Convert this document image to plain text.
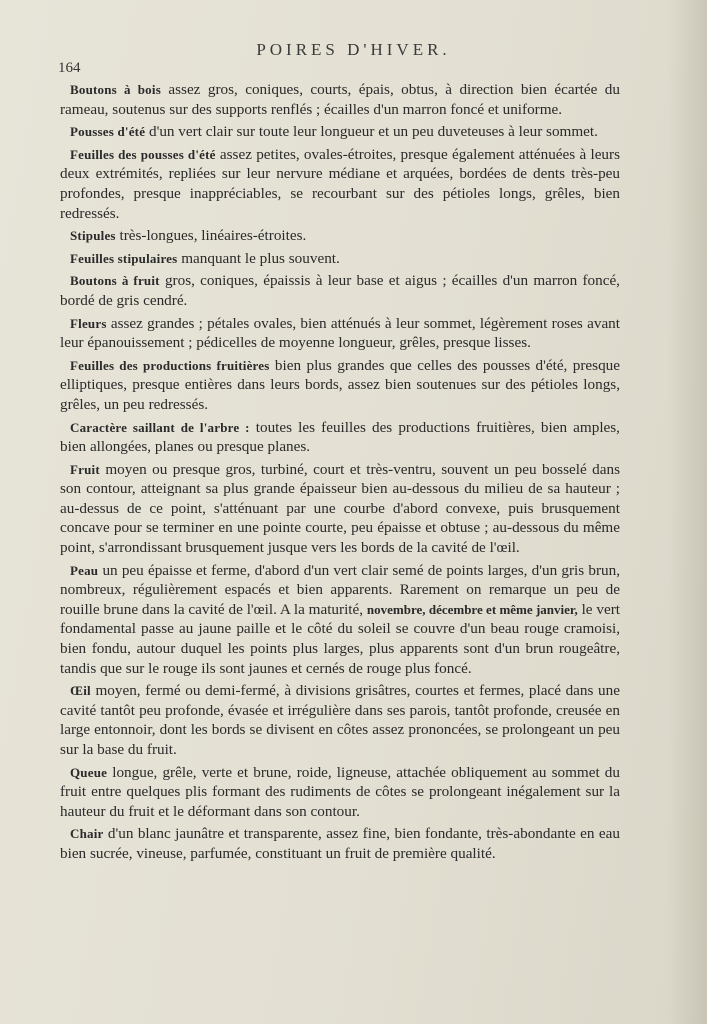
POIRES D'HIVER.
164

Boutons à bois assez gros, coniques, courts, épais, obtus, à direction bien écartée du rameau, soutenus sur des supports renflés ; écailles d'un marron foncé et uniforme.

Pousses d'été d'un vert clair sur toute leur longueur et un peu duveteuses à leur sommet.

Feuilles des pousses d'été assez petites, ovales-étroites, presque également atténuées à leurs deux extrémités, repliées sur leur nervure médiane et arquées, bordées de dents très-peu profondes, presque inappréciables, se recourbant sur des pétioles longs, grêles, bien redressés.

Stipules très-longues, linéaires-étroites.

Feuilles stipulaires manquant le plus souvent.

Boutons à fruit gros, coniques, épaissis à leur base et aigus ; écailles d'un marron foncé, bordé de gris cendré.

Fleurs assez grandes ; pétales ovales, bien atténués à leur sommet, légèrement roses avant leur épanouissement ; pédicelles de moyenne longueur, grêles, presque lisses.

Feuilles des productions fruitières bien plus grandes que celles des pousses d'été, presque elliptiques, presque entières dans leurs bords, assez bien soutenues sur des pétioles longs, grêles, un peu redressés.

Caractère saillant de l'arbre : toutes les feuilles des productions fruitières, bien amples, bien allongées, planes ou presque planes.

Fruit moyen ou presque gros, turbiné, court et très-ventru, souvent un peu bosselé dans son contour, atteignant sa plus grande épaisseur bien au-dessous du milieu de sa hauteur ; au-dessus de ce point, s'atténuant par une courbe d'abord convexe, puis brusquement concave pour se terminer en une pointe courte, peu épaisse et obtuse ; au-dessous du même point, s'arrondissant brusquement jusque vers les bords de la cavité de l'œil.

Peau un peu épaisse et ferme, d'abord d'un vert clair semé de points larges, d'un gris brun, nombreux, régulièrement espacés et bien apparents. Rarement on remarque un peu de rouille brune dans la cavité de l'œil. A la maturité, novembre, décembre et même janvier, le vert fondamental passe au jaune paille et le côté du soleil se couvre d'un beau rouge cramoisi, bien fondu, autour duquel les points plus larges, plus apparents sont d'un brun rougeâtre, tandis que sur le rouge ils sont jaunes et cernés de rouge plus foncé.

Œil moyen, fermé ou demi-fermé, à divisions grisâtres, courtes et fermes, placé dans une cavité tantôt peu profonde, évasée et irrégulière dans ses parois, tantôt profonde, creusée en large entonnoir, dont les bords se divisent en côtes assez prononcées, se prolongeant un peu sur la base du fruit.

Queue longue, grêle, verte et brune, roide, ligneuse, attachée obliquement au sommet du fruit entre quelques plis formant des rudiments de côtes se prolongeant inégalement sur la hauteur du fruit et le déformant dans son contour.

Chair d'un blanc jaunâtre et transparente, assez fine, bien fondante, très-abondante en eau bien sucrée, vineuse, parfumée, constituant un fruit de première qualité.
